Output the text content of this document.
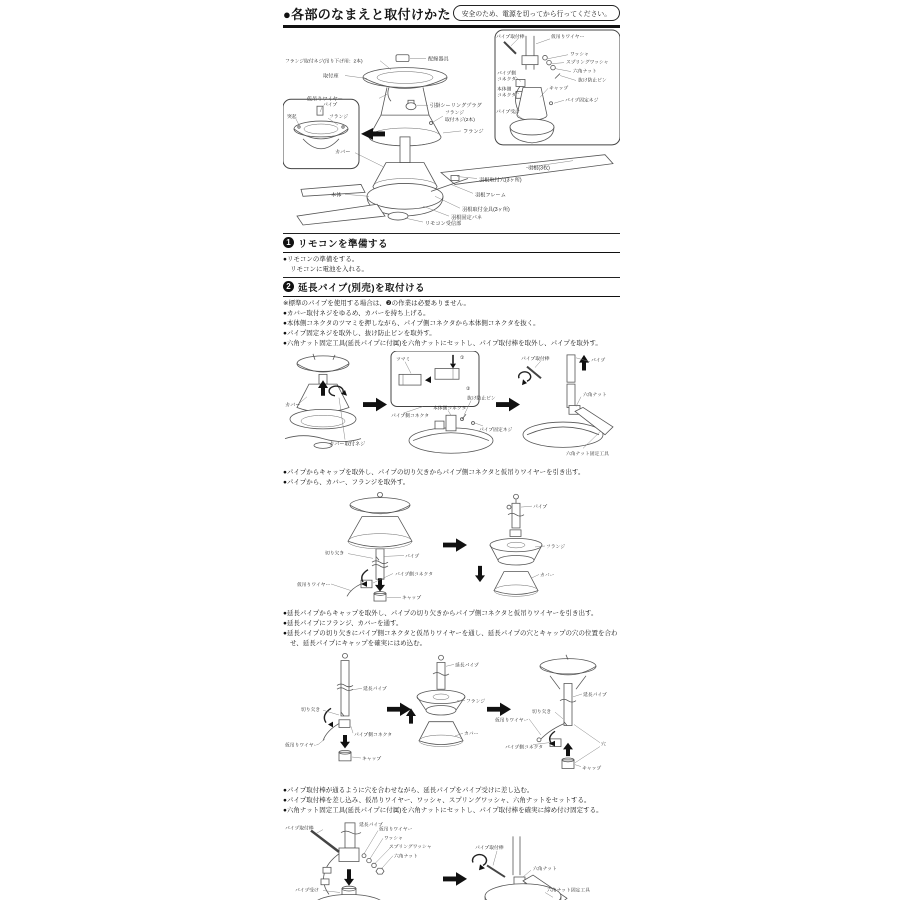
●各部のなまえと取付けかた	安全のため、電源を切ってから行ってください。
フランジ取付ネジ(吊り下げ用：2本)	配線器具
取付座
仮吊りワイヤー
引掛シーリングプラグ
フランジ
取付ネジ(2本)
フランジ
カバー
本体
羽根(3枚)
羽根取付穴(3ヶ所)
羽根フレーム
羽根取付金具(3ヶ所)
羽根固定バネ
リモコン受信部
パイプ
フランジ
突起
パイプ取付棒	仮吊りワイヤー
ワッシャ
スプリングワッシャ
六角ナット
抜け防止ピン
パイプ側
コネクタ
本体側
コネクタ
キャップ
パイプ固定ネジ
パイプ受け
1 リモコンを準備する
●リモコンの準備をする。
リモコンに電池を入れる。
2 延長パイプ(別売)を取付ける
※標準のパイプを使用する場合は、❷の作業は必要ありません。
●カバー取付ネジをゆるめ、カバーを持ち上げる。
●本体側コネクタのツマミを押しながら、パイプ側コネクタから本体側コネクタを抜く。
●パイプ固定ネジを取外し、抜け防止ピンを取外す。
●六角ナット固定工具(延長パイプに付属)を六角ナットにセットし、パイプ取付棒を取外し、パイプを取外す。
カバー
カバー取付ネジ
ツマミ	①
②
パイプ側コネクタ
本体側コネクタ
抜け防止ピン
パイプ固定ネジ
パイプ取付棒	パイプ
六角ナット
六角ナット固定工具
●パイプからキャップを取外し、パイプの切り欠きからパイプ側コネクタと仮吊りワイヤーを引き出す。
●パイプから、カバー、フランジを取外す。
切り欠き
パイプ
パイプ側コネクタ
仮吊りワイヤー
キャップ
パイプ
フランジ
カバー
●延長パイプからキャップを取外し、パイプの切り欠きからパイプ側コネクタと仮吊りワイヤーを引き出す。
●延長パイプにフランジ、カバーを通す。
●延長パイプの切り欠きにパイプ側コネクタと仮吊りワイヤーを通し、延長パイプの穴とキャップの穴の位置を合わせ、延長パイプにキャップを確実にはめ込む。
延長パイプ
切り欠き
パイプ側コネクタ
仮吊りワイヤー
キャップ
延長パイプ
フランジ
カバー
延長パイプ
切り欠き
仮吊りワイヤー
パイプ側コネクタ
穴
キャップ
●パイプ取付棒が通るように穴を合わせながら、延長パイプをパイプ受けに差し込む。
●パイプ取付棒を差し込み、仮吊りワイヤー、ワッシャ、スプリングワッシャ、六角ナットをセットする。
●六角ナット固定工具(延長パイプに付属)を六角ナットにセットし、パイプ取付棒を確実に締め付け固定する。
パイプ取付棒
延長パイプ
仮吊りワイヤー
ワッシャ
スプリングワッシャ
六角ナット
パイプ受け
パイプ取付棒
六角ナット
六角ナット固定工具
